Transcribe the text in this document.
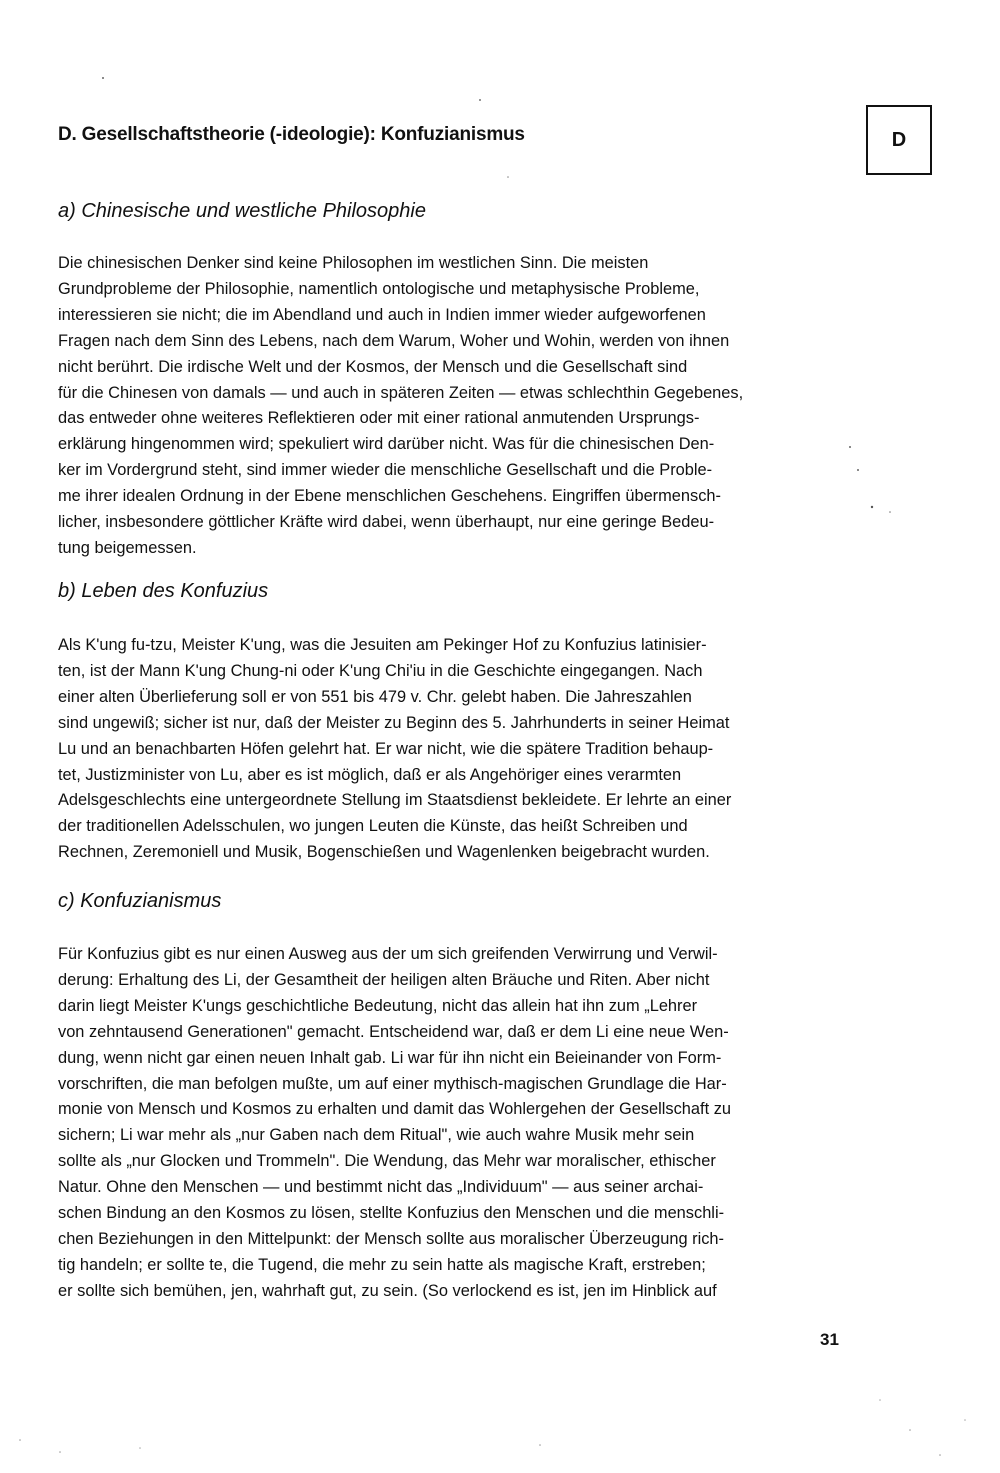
D. Gesellschaftstheorie (-ideologie): Konfuzianismus	D
a) Chinesische und westliche Philosophie
Die chinesischen Denker sind keine Philosophen im westlichen Sinn. Die meisten
Grundprobleme der Philosophie, namentlich ontologische und metaphysische Probleme,
interessieren sie nicht; die im Abendland und auch in Indien immer wieder aufgeworfenen
Fragen nach dem Sinn des Lebens, nach dem Warum, Woher und Wohin, werden von ihnen
nicht berührt. Die irdische Welt und der Kosmos, der Mensch und die Gesellschaft sind
für die Chinesen von damals — und auch in späteren Zeiten — etwas schlechthin Gegebenes,
das entweder ohne weiteres Reflektieren oder mit einer rational anmutenden Ursprungs-
erklärung hingenommen wird; spekuliert wird darüber nicht. Was für die chinesischen Den-
ker im Vordergrund steht, sind immer wieder die menschliche Gesellschaft und die Proble-
me ihrer idealen Ordnung in der Ebene menschlichen Geschehens. Eingriffen übermensch-
licher, insbesondere göttlicher Kräfte wird dabei, wenn überhaupt, nur eine geringe Bedeu-
tung beigemessen.
b) Leben des Konfuzius
Als K'ung fu-tzu, Meister K'ung, was die Jesuiten am Pekinger Hof zu Konfuzius latinisier-
ten, ist der Mann K'ung Chung-ni oder K'ung Chi'iu in die Geschichte eingegangen. Nach
einer alten Überlieferung soll er von 551 bis 479 v. Chr. gelebt haben. Die Jahreszahlen
sind ungewiß; sicher ist nur, daß der Meister zu Beginn des 5. Jahrhunderts in seiner Heimat
Lu und an benachbarten Höfen gelehrt hat. Er war nicht, wie die spätere Tradition behaup-
tet, Justizminister von Lu, aber es ist möglich, daß er als Angehöriger eines verarmten
Adelsgeschlechts eine untergeordnete Stellung im Staatsdienst bekleidete. Er lehrte an einer
der traditionellen Adelsschulen, wo jungen Leuten die Künste, das heißt Schreiben und
Rechnen, Zeremoniell und Musik, Bogenschießen und Wagenlenken beigebracht wurden.
c) Konfuzianismus
Für Konfuzius gibt es nur einen Ausweg aus der um sich greifenden Verwirrung und Verwil-
derung: Erhaltung des Li, der Gesamtheit der heiligen alten Bräuche und Riten. Aber nicht
darin liegt Meister K'ungs geschichtliche Bedeutung, nicht das allein hat ihn zum „Lehrer
von zehntausend Generationen" gemacht. Entscheidend war, daß er dem Li eine neue Wen-
dung, wenn nicht gar einen neuen Inhalt gab. Li war für ihn nicht ein Beieinander von Form-
vorschriften, die man befolgen mußte, um auf einer mythisch-magischen Grundlage die Har-
monie von Mensch und Kosmos zu erhalten und damit das Wohlergehen der Gesellschaft zu
sichern; Li war mehr als „nur Gaben nach dem Ritual", wie auch wahre Musik mehr sein
sollte als „nur Glocken und Trommeln". Die Wendung, das Mehr war moralischer, ethischer
Natur. Ohne den Menschen — und bestimmt nicht das „Individuum" — aus seiner archai-
schen Bindung an den Kosmos zu lösen, stellte Konfuzius den Menschen und die menschli-
chen Beziehungen in den Mittelpunkt: der Mensch sollte aus moralischer Überzeugung rich-
tig handeln; er sollte te, die Tugend, die mehr zu sein hatte als magische Kraft, erstreben;
er sollte sich bemühen, jen, wahrhaft gut, zu sein. (So verlockend es ist, jen im Hinblick auf
31
